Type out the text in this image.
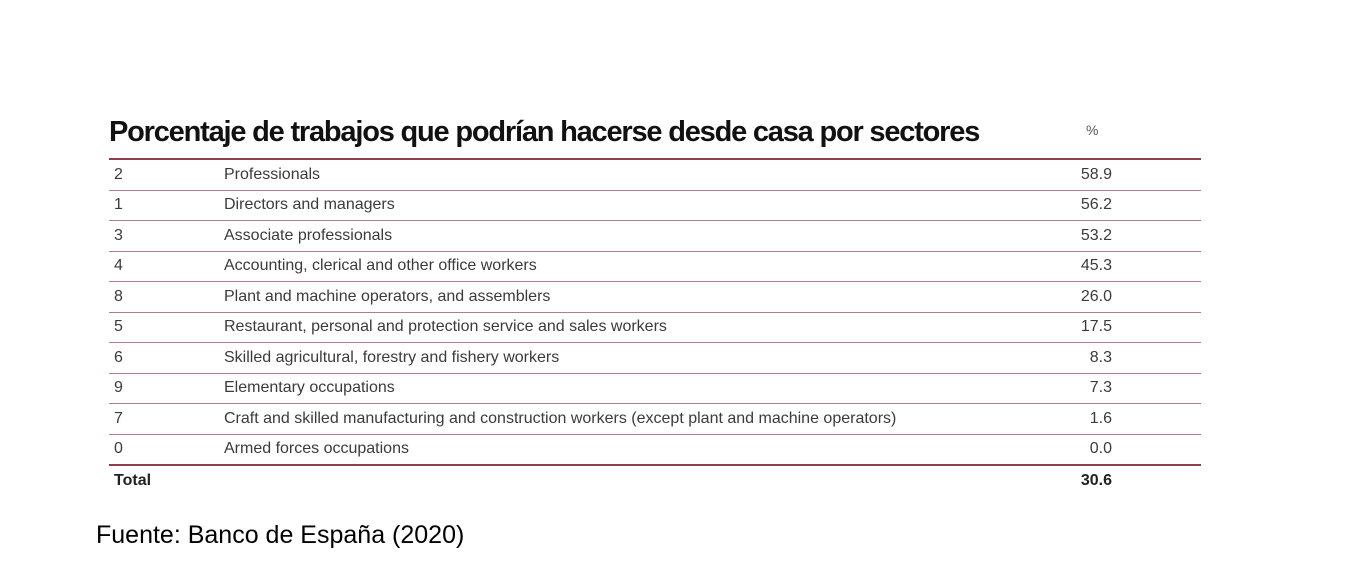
Porcentaje de trabajos que podrían hacerse desde casa por sectores	%
2	Professionals	58.9
1	Directors and managers	56.2
3	Associate professionals	53.2
4	Accounting, clerical and other office workers	45.3
8	Plant and machine operators, and assemblers	26.0
5	Restaurant, personal and protection service and sales workers	17.5
6	Skilled agricultural, forestry and fishery workers	8.3
9	Elementary occupations	7.3
7	Craft and skilled manufacturing and construction workers (except plant and machine operators)	1.6
0	Armed forces occupations	0.0
Total	30.6
Fuente: Banco de España (2020)
